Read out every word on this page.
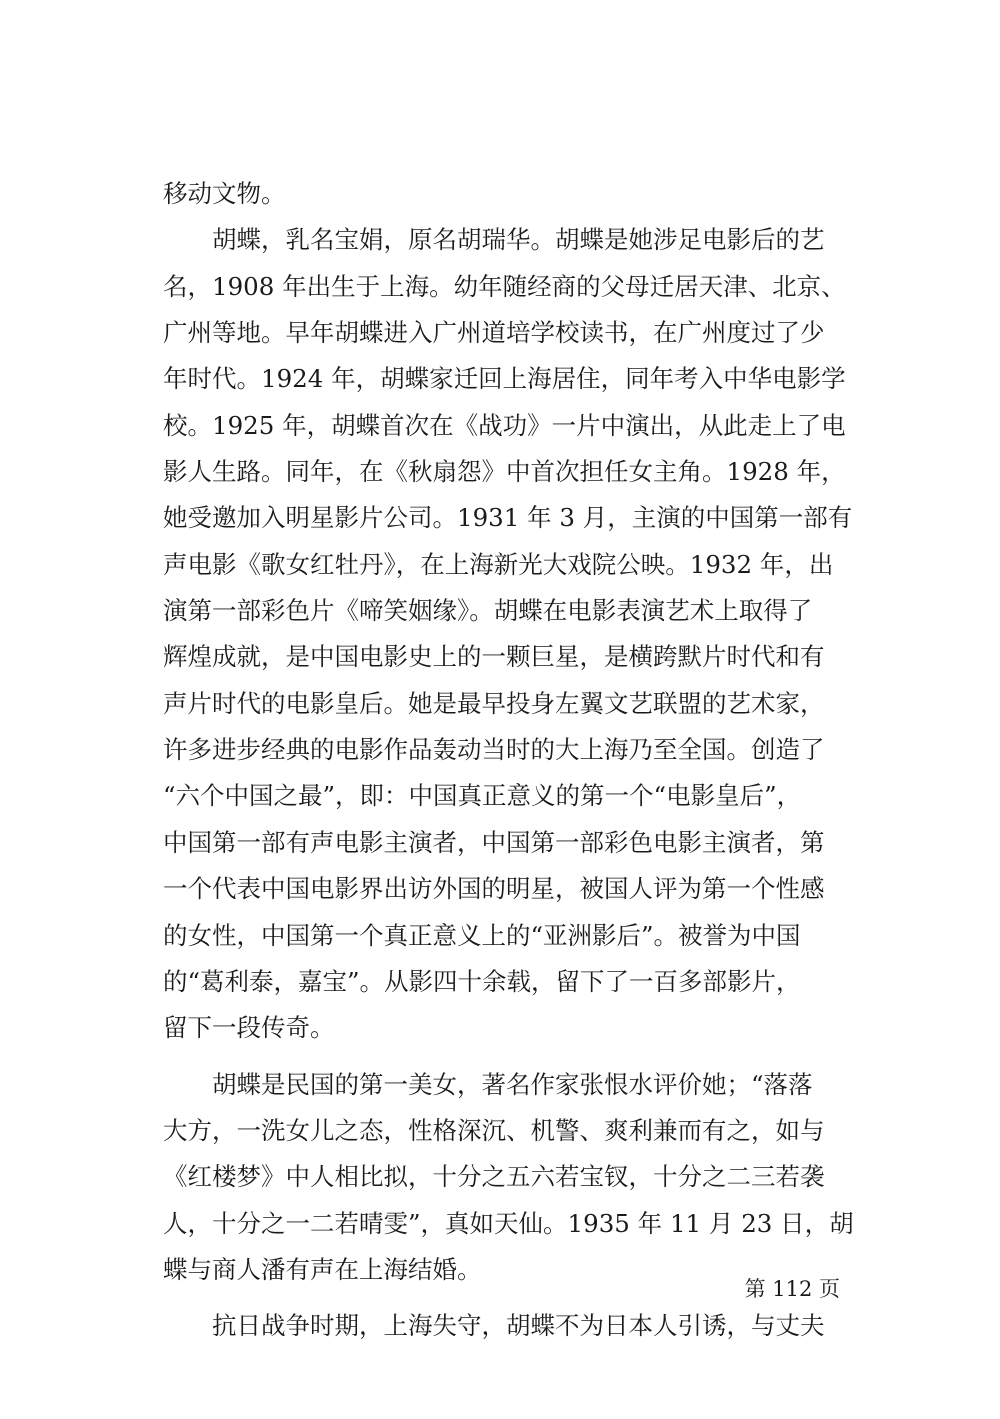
移动文物。
　　胡蝶，乳名宝娟，原名胡瑞华。胡蝶是她涉足电影后的艺
名，1908 年出生于上海。幼年随经商的父母迁居天津、北京、
广州等地。早年胡蝶进入广州道培学校读书，在广州度过了少
年时代。1924 年，胡蝶家迁回上海居住，同年考入中华电影学
校。1925 年，胡蝶首次在《战功》一片中演出，从此走上了电
影人生路。同年，在《秋扇怨》中首次担任女主角。1928 年，
她受邀加入明星影片公司。1931 年 3 月，主演的中国第一部有
声电影《歌女红牡丹》，在上海新光大戏院公映。1932 年，出
演第一部彩色片《啼笑姻缘》。胡蝶在电影表演艺术上取得了
辉煌成就，是中国电影史上的一颗巨星，是横跨默片时代和有
声片时代的电影皇后。她是最早投身左翼文艺联盟的艺术家，
许多进步经典的电影作品轰动当时的大上海乃至全国。创造了
“六个中国之最”，即：中国真正意义的第一个“电影皇后”，
中国第一部有声电影主演者，中国第一部彩色电影主演者，第
一个代表中国电影界出访外国的明星，被国人评为第一个性感
的女性，中国第一个真正意义上的“亚洲影后”。被誉为中国
的“葛利泰，嘉宝”。从影四十余载，留下了一百多部影片，
留下一段传奇。
　　胡蝶是民国的第一美女，著名作家张恨水评价她；“落落
大方，一洗女儿之态，性格深沉、机警、爽利兼而有之，如与
《红楼梦》中人相比拟，十分之五六若宝钗，十分之二三若袭
人，十分之一二若晴雯”，真如天仙。1935 年 11 月 23 日，胡
蝶与商人潘有声在上海结婚。
　　抗日战争时期，上海失守，胡蝶不为日本人引诱，与丈夫
第 112 页
